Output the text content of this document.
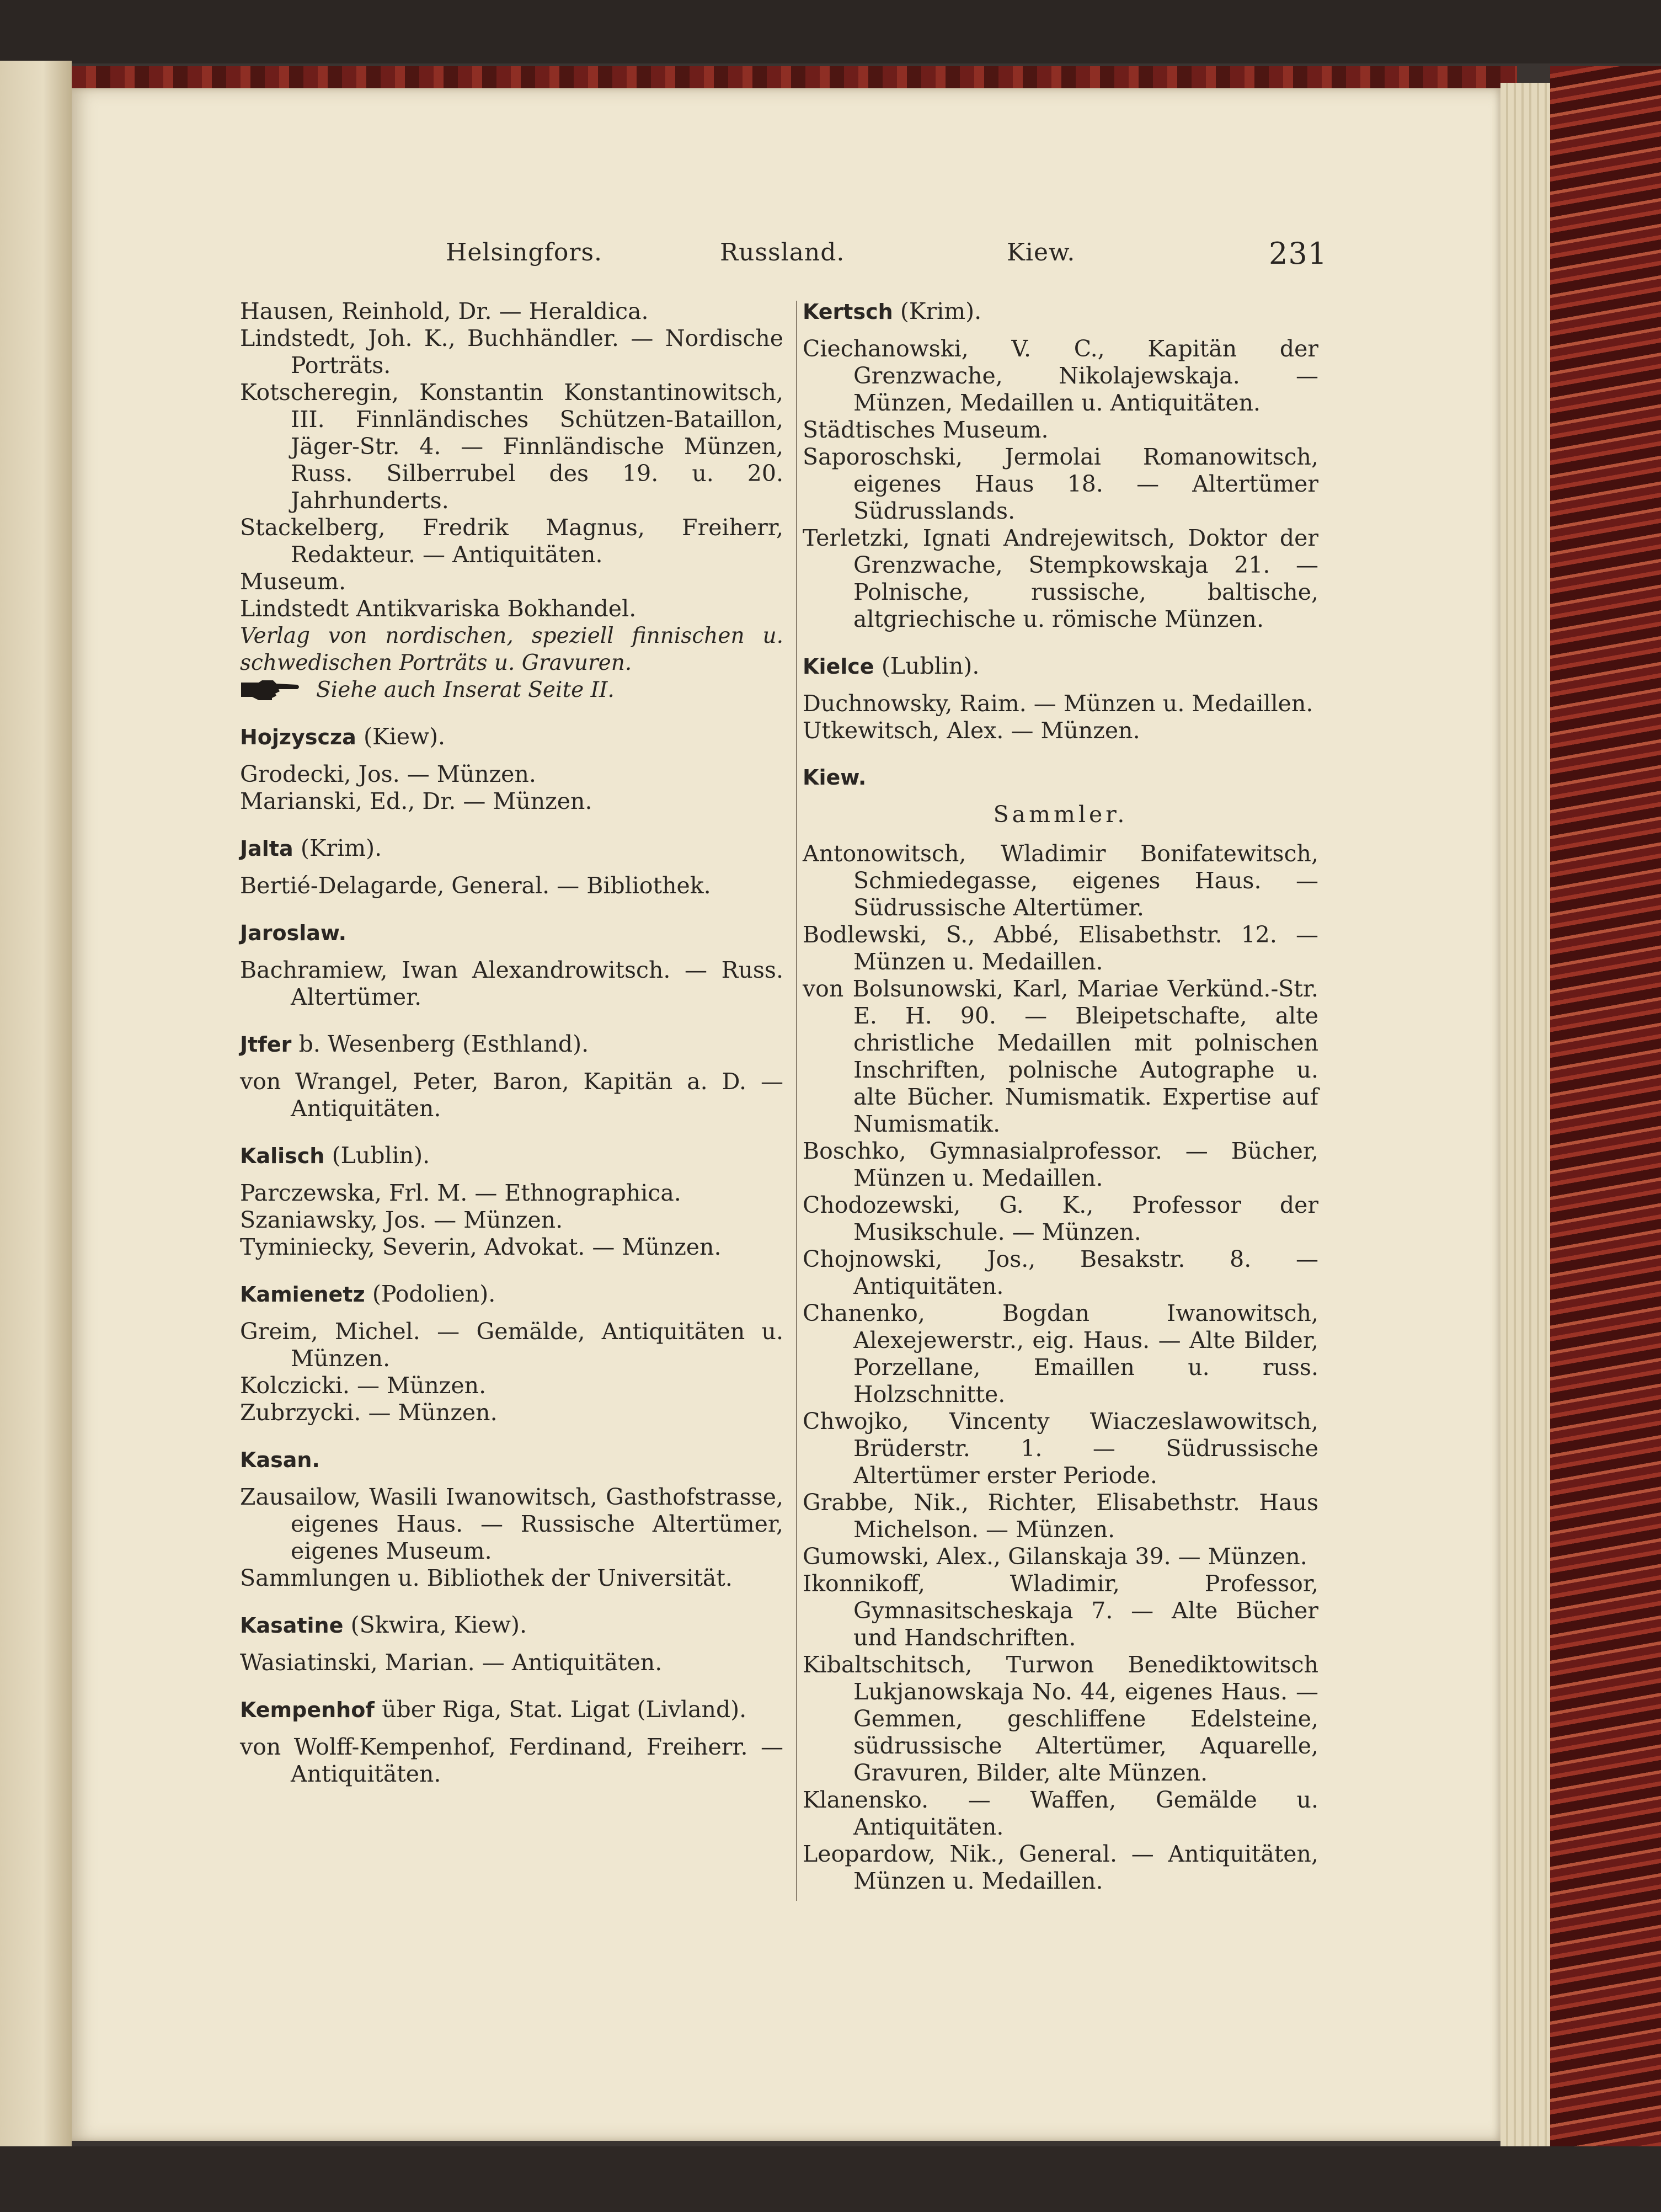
Helsingfors.	Russland.	Kiew.	231
Hausen, Reinhold, Dr. — Heraldica.
Lindstedt, Joh. K., Buchhändler. — Nordische Porträts.
Kotscheregin, Konstantin Konstantinowitsch, III. Finnländisches Schützen-Bataillon, Jäger-Str. 4. — Finnländische Münzen, Russ. Silberrubel des 19. u. 20. Jahrhunderts.
Stackelberg, Fredrik Magnus, Freiherr, Redakteur. — Antiquitäten.
Museum.
Lindstedt Antikvariska Bokhandel.
Verlag von nordischen, speziell finnischen u. schwedischen Porträts u. Gravuren.
Siehe auch Inserat Seite II.
Hojzyscza (Kiew).
Grodecki, Jos. — Münzen.
Marianski, Ed., Dr. — Münzen.
Jalta (Krim).
Bertié-Delagarde, General. — Bibliothek.
Jaroslaw.
Bachramiew, Iwan Alexandrowitsch. — Russ. Altertümer.
Jtfer b. Wesenberg (Esthland).
von Wrangel, Peter, Baron, Kapitän a. D. — Antiquitäten.
Kalisch (Lublin).
Parczewska, Frl. M. — Ethnographica.
Szaniawsky, Jos. — Münzen.
Tyminiecky, Severin, Advokat. — Münzen.
Kamienetz (Podolien).
Greim, Michel. — Gemälde, Antiquitäten u. Münzen.
Kolczicki. — Münzen.
Zubrzycki. — Münzen.
Kasan.
Zausailow, Wasili Iwanowitsch, Gasthofstrasse, eigenes Haus. — Russische Altertümer, eigenes Museum.
Sammlungen u. Bibliothek der Universität.
Kasatine (Skwira, Kiew).
Wasiatinski, Marian. — Antiquitäten.
Kempenhof über Riga, Stat. Ligat (Livland).
von Wolff-Kempenhof, Ferdinand, Freiherr. — Antiquitäten.
Kertsch (Krim).
Ciechanowski, V. C., Kapitän der Grenzwache, Nikolajewskaja. — Münzen, Medaillen u. Antiquitäten.
Städtisches Museum.
Saporoschski, Jermolai Romanowitsch, eigenes Haus 18. — Altertümer Südrusslands.
Terletzki, Ignati Andrejewitsch, Doktor der Grenzwache, Stempkowskaja 21. — Polnische, russische, baltische, altgriechische u. römische Münzen.
Kielce (Lublin).
Duchnowsky, Raim. — Münzen u. Medaillen.
Utkewitsch, Alex. — Münzen.
Kiew.
Sammler.
Antonowitsch, Wladimir Bonifatewitsch, Schmiedegasse, eigenes Haus. — Südrussische Altertümer.
Bodlewski, S., Abbé, Elisabethstr. 12. — Münzen u. Medaillen.
von Bolsunowski, Karl, Mariae Verkünd.-Str. E. H. 90. — Bleipetschafte, alte christliche Medaillen mit polnischen Inschriften, polnische Autographe u. alte Bücher. Numismatik. Expertise auf Numismatik.
Boschko, Gymnasialprofessor. — Bücher, Münzen u. Medaillen.
Chodozewski, G. K., Professor der Musikschule. — Münzen.
Chojnowski, Jos., Besakstr. 8. — Antiquitäten.
Chanenko, Bogdan Iwanowitsch, Alexejewerstr., eig. Haus. — Alte Bilder, Porzellane, Emaillen u. russ. Holzschnitte.
Chwojko, Vincenty Wiaczeslawowitsch, Brüderstr. 1. — Südrussische Altertümer erster Periode.
Grabbe, Nik., Richter, Elisabethstr. Haus Michelson. — Münzen.
Gumowski, Alex., Gilanskaja 39. — Münzen.
Ikonnikoff, Wladimir, Professor, Gymnasitscheskaja 7. — Alte Bücher und Handschriften.
Kibaltschitsch, Turwon Benediktowitsch Lukjanowskaja No. 44, eigenes Haus. — Gemmen, geschliffene Edelsteine, südrussische Altertümer, Aquarelle, Gravuren, Bilder, alte Münzen.
Klanensko. — Waffen, Gemälde u. Antiquitäten.
Leopardow, Nik., General. — Antiquitäten, Münzen u. Medaillen.
